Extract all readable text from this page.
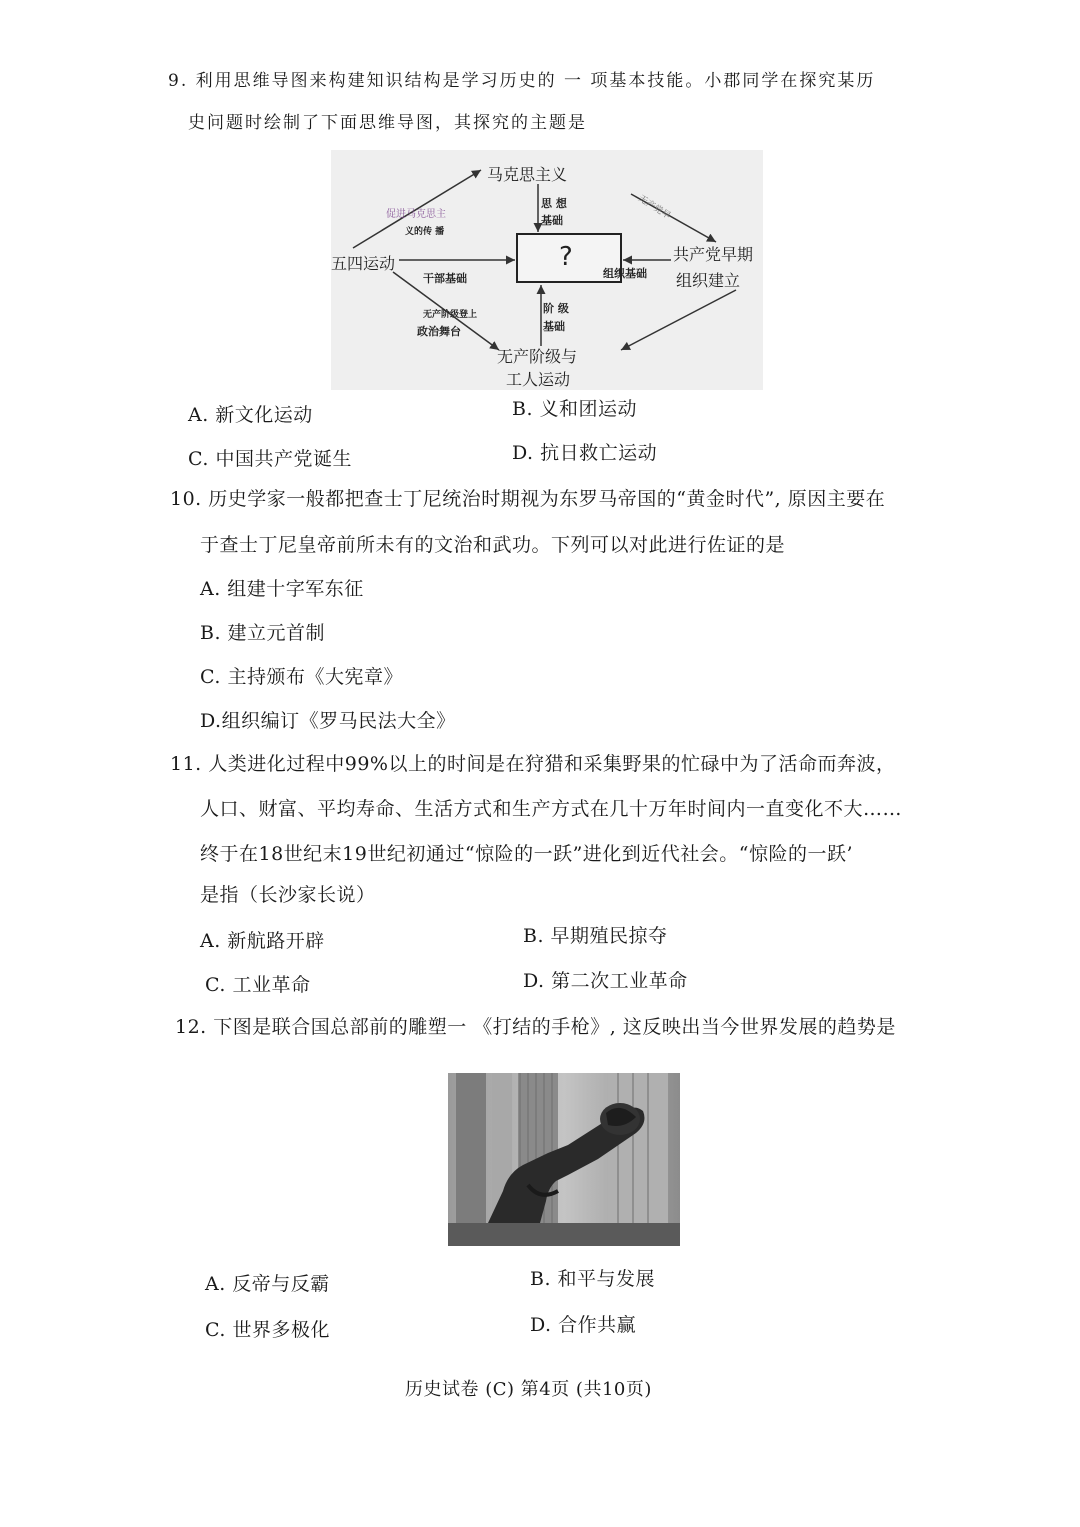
9. 利用思维导图来构建知识结构是学习历史的 一 项基本技能。小郡同学在探究某历
史问题时绘制了下面思维导图，其探究的主题是
马克思主义
五四运动	共产党早期
组织建立
无产阶级与
工人运动
?
思 想
基础
干部基础	组织基础
阶 级
基础
促进马克思主
义的传 播
无产阶级登上
政治舞台
无产党早
A. 新文化运动	B. 义和团运动
C. 中国共产党诞生	D. 抗日救亡运动
10. 历史学家一般都把查士丁尼统治时期视为东罗马帝国的“黄金时代”, 原因主要在
于查士丁尼皇帝前所未有的文治和武功。下列可以对此进行佐证的是
A. 组建十字军东征
B. 建立元首制
C. 主持颁布《大宪章》
D.组织编订《罗马民法大全》
11. 人类进化过程中99%以上的时间是在狩猎和采集野果的忙碌中为了活命而奔波，
人口、财富、平均寿命、生活方式和生产方式在几十万年时间内一直变化不大……
终于在18世纪末19世纪初通过“惊险的一跃”进化到近代社会。“惊险的一跃’
是指（长沙家长说）
A. 新航路开辟	B. 早期殖民掠夺
C. 工业革命	D. 第二次工业革命
12. 下图是联合国总部前的雕塑一 《打结的手枪》, 这反映出当今世界发展的趋势是
A. 反帝与反霸	B. 和平与发展
C. 世界多极化	D. 合作共赢
历史试卷 (C) 第4页 (共10页)
